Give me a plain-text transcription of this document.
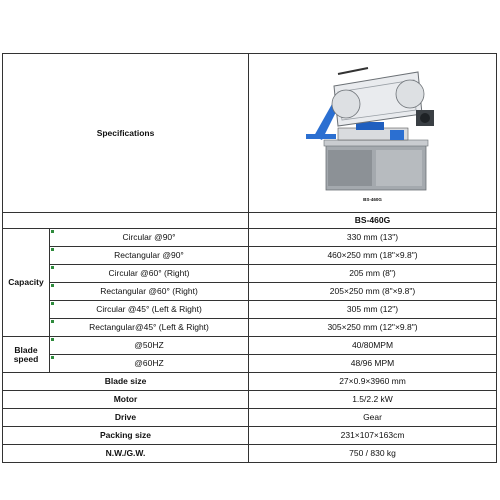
Specifications		BS-460G

		BS-460G
Capacity	Circular @90°	330 mm (13")

Rectangular @90°	460×250 mm (18"×9.8")

Circular @60° (Right)	205 mm (8")

Rectangular @60° (Right)	205×250 mm (8"×9.8")

Circular @45° (Left & Right)	305 mm (12")

Rectangular@45° (Left & Right)	305×250 mm (12"×9.8")
Blade speed	@50HZ	40/80MPM

@60HZ	48/96 MPM
Blade size		27×0.9×3960 mm
Motor		1.5/2.2 kW
Drive		Gear
Packing size		231×107×163cm
N.W./G.W.		750 / 830 kg
